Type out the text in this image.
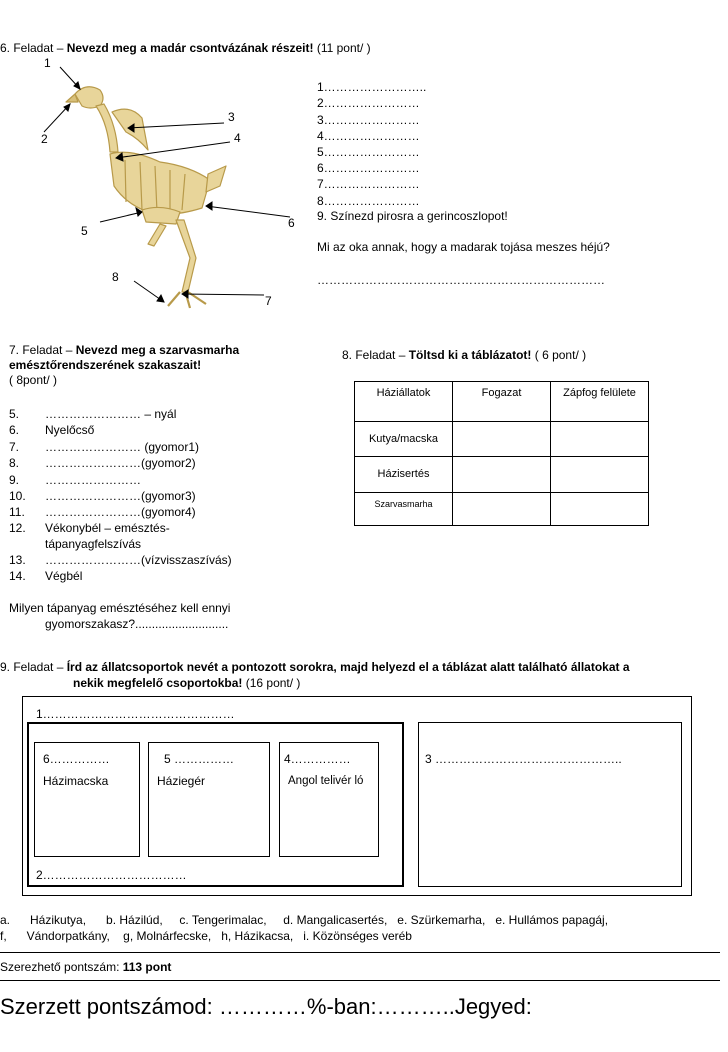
6. Feladat – Nevezd meg a madár csontvázának részeit! (11 pont/ )
1
2
3
4
5
6
7
8
1……………………..
2……………………
3……………………
4……………………
5……………………
6……………………
7……………………
8……………………
9. Színezd pirosra a gerincoszlopot!
Mi az oka annak, hogy a madarak tojása meszes héjú?
………………………………………………………………
7. Feladat – Nevezd meg a szarvasmarha
emésztőrendszerének szakaszait!
( 8pont/ )
5. …………………… – nyál
6. Nyelőcső
7. …………………… (gyomor1)
8. ……………………(gyomor2)
9. ……………………
10. ……………………(gyomor3)
11. ……………………(gyomor4)
12. Vékonybél – emésztés-
tápanyagfelszívás
13. ……………………(vízvisszaszívás)
14. Végbél
Milyen tápanyag emésztéséhez kell ennyi
gyomorszakasz?............................
8. Feladat – Töltsd ki a táblázatot! ( 6 pont/ )
Háziállatok	Fogazat	Zápfog felülete
Kutya/macska		
Házisertés		
Szarvasmarha		
9. Feladat – Írd az állatcsoportok nevét a pontozott sorokra, majd helyezd el a táblázat alatt található állatokat a
nekik megfelelő csoportokba! (16 pont/ )
1…………………………………………
2………………………………
6……………
Házimacska
5 ……………
Háziegér
4……………
Angol telivér ló
3 ………………………………………..
a.      Házikutya,      b. Házilúd,     c. Tengerimalac,     d. Mangalicasertés,   e. Szürkemarha,   e. Hullámos papagáj,
f,      Vándorpatkány,    g, Molnárfecske,   h, Házikacsa,   i. Közönséges veréb
Szerezhető pontszám: 113 pont
Szerzett pontszámod: …………%-ban:………..Jegyed:
